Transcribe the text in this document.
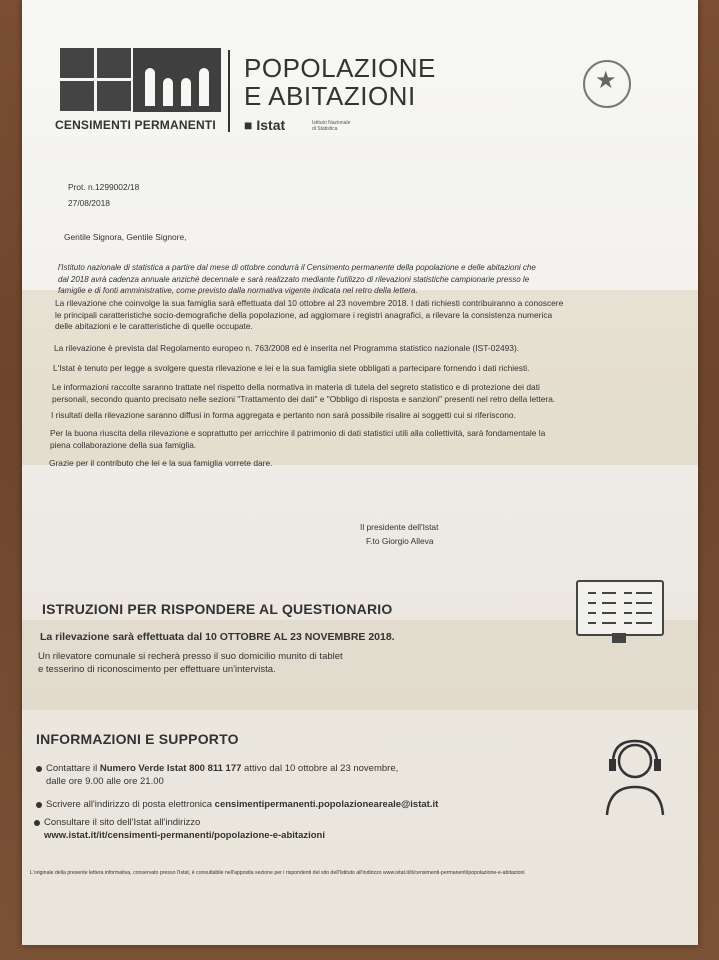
CENSIMENTI PERMANENTI
POPOLAZIONE
E ABITAZIONI
■ Istat	Istituto Nazionale di Statistica
★
Prot. n.1299002/18
27/08/2018
Gentile Signora, Gentile Signore,
l'Istituto nazionale di statistica a partire dal mese di ottobre condurrà il Censimento permanente della popolazione e delle abitazioni che
dal 2018 avrà cadenza annuale anziché decennale e sarà realizzato mediante l'utilizzo di rilevazioni statistiche campionarie presso le
famiglie e di fonti amministrative, come previsto dalla normativa vigente indicata nel retro della lettera.
La rilevazione che coinvolge la sua famiglia sarà effettuata dal 10 ottobre al 23 novembre 2018. I dati richiesti contribuiranno a conoscere
le principali caratteristiche socio-demografiche della popolazione, ad aggiornare i registri anagrafici, a rilevare la consistenza numerica
delle abitazioni e le caratteristiche di quelle occupate.
La rilevazione è prevista dal Regolamento europeo n. 763/2008 ed è inserita nel Programma statistico nazionale (IST-02493).
L'Istat è tenuto per legge a svolgere questa rilevazione e lei e la sua famiglia siete obbligati a partecipare fornendo i dati richiesti.
Le informazioni raccolte saranno trattate nel rispetto della normativa in materia di tutela del segreto statistico e di protezione dei dati
personali, secondo quanto precisato nelle sezioni "Trattamento dei dati" e "Obbligo di risposta e sanzioni" presenti nel retro della lettera.
I risultati della rilevazione saranno diffusi in forma aggregata e pertanto non sarà possibile risalire ai soggetti cui si riferiscono.
Per la buona riuscita della rilevazione e soprattutto per arricchire il patrimonio di dati statistici utili alla collettività, sarà fondamentale la
piena collaborazione della sua famiglia.
Grazie per il contributo che lei e la sua famiglia vorrete dare.
Il presidente dell'Istat
F.to Giorgio Alleva
ISTRUZIONI PER RISPONDERE AL QUESTIONARIO
La rilevazione sarà effettuata dal 10 OTTOBRE AL 23 NOVEMBRE 2018.
Un rilevatore comunale si recherà presso il suo domicilio munito di tablet
e tesserino di riconoscimento per effettuare un'intervista.
INFORMAZIONI E SUPPORTO
Contattare il Numero Verde Istat 800 811 177 attivo dal 10 ottobre al 23 novembre,
dalle ore 9.00 alle ore 21.00
Scrivere all'indirizzo di posta elettronica censimentipermanenti.popolazioneareale@istat.it
Consultare il sito dell'Istat all'indirizzo
www.istat.it/it/censimenti-permanenti/popolazione-e-abitazioni
L'originale della presente lettera informativa, conservato presso l'Istat, è consultabile nell'apposita sezione per i rispondenti del sito dell'Istituto all'indirizzo www.istat.it/it/censimenti-permanenti/popolazione-e-abitazioni
